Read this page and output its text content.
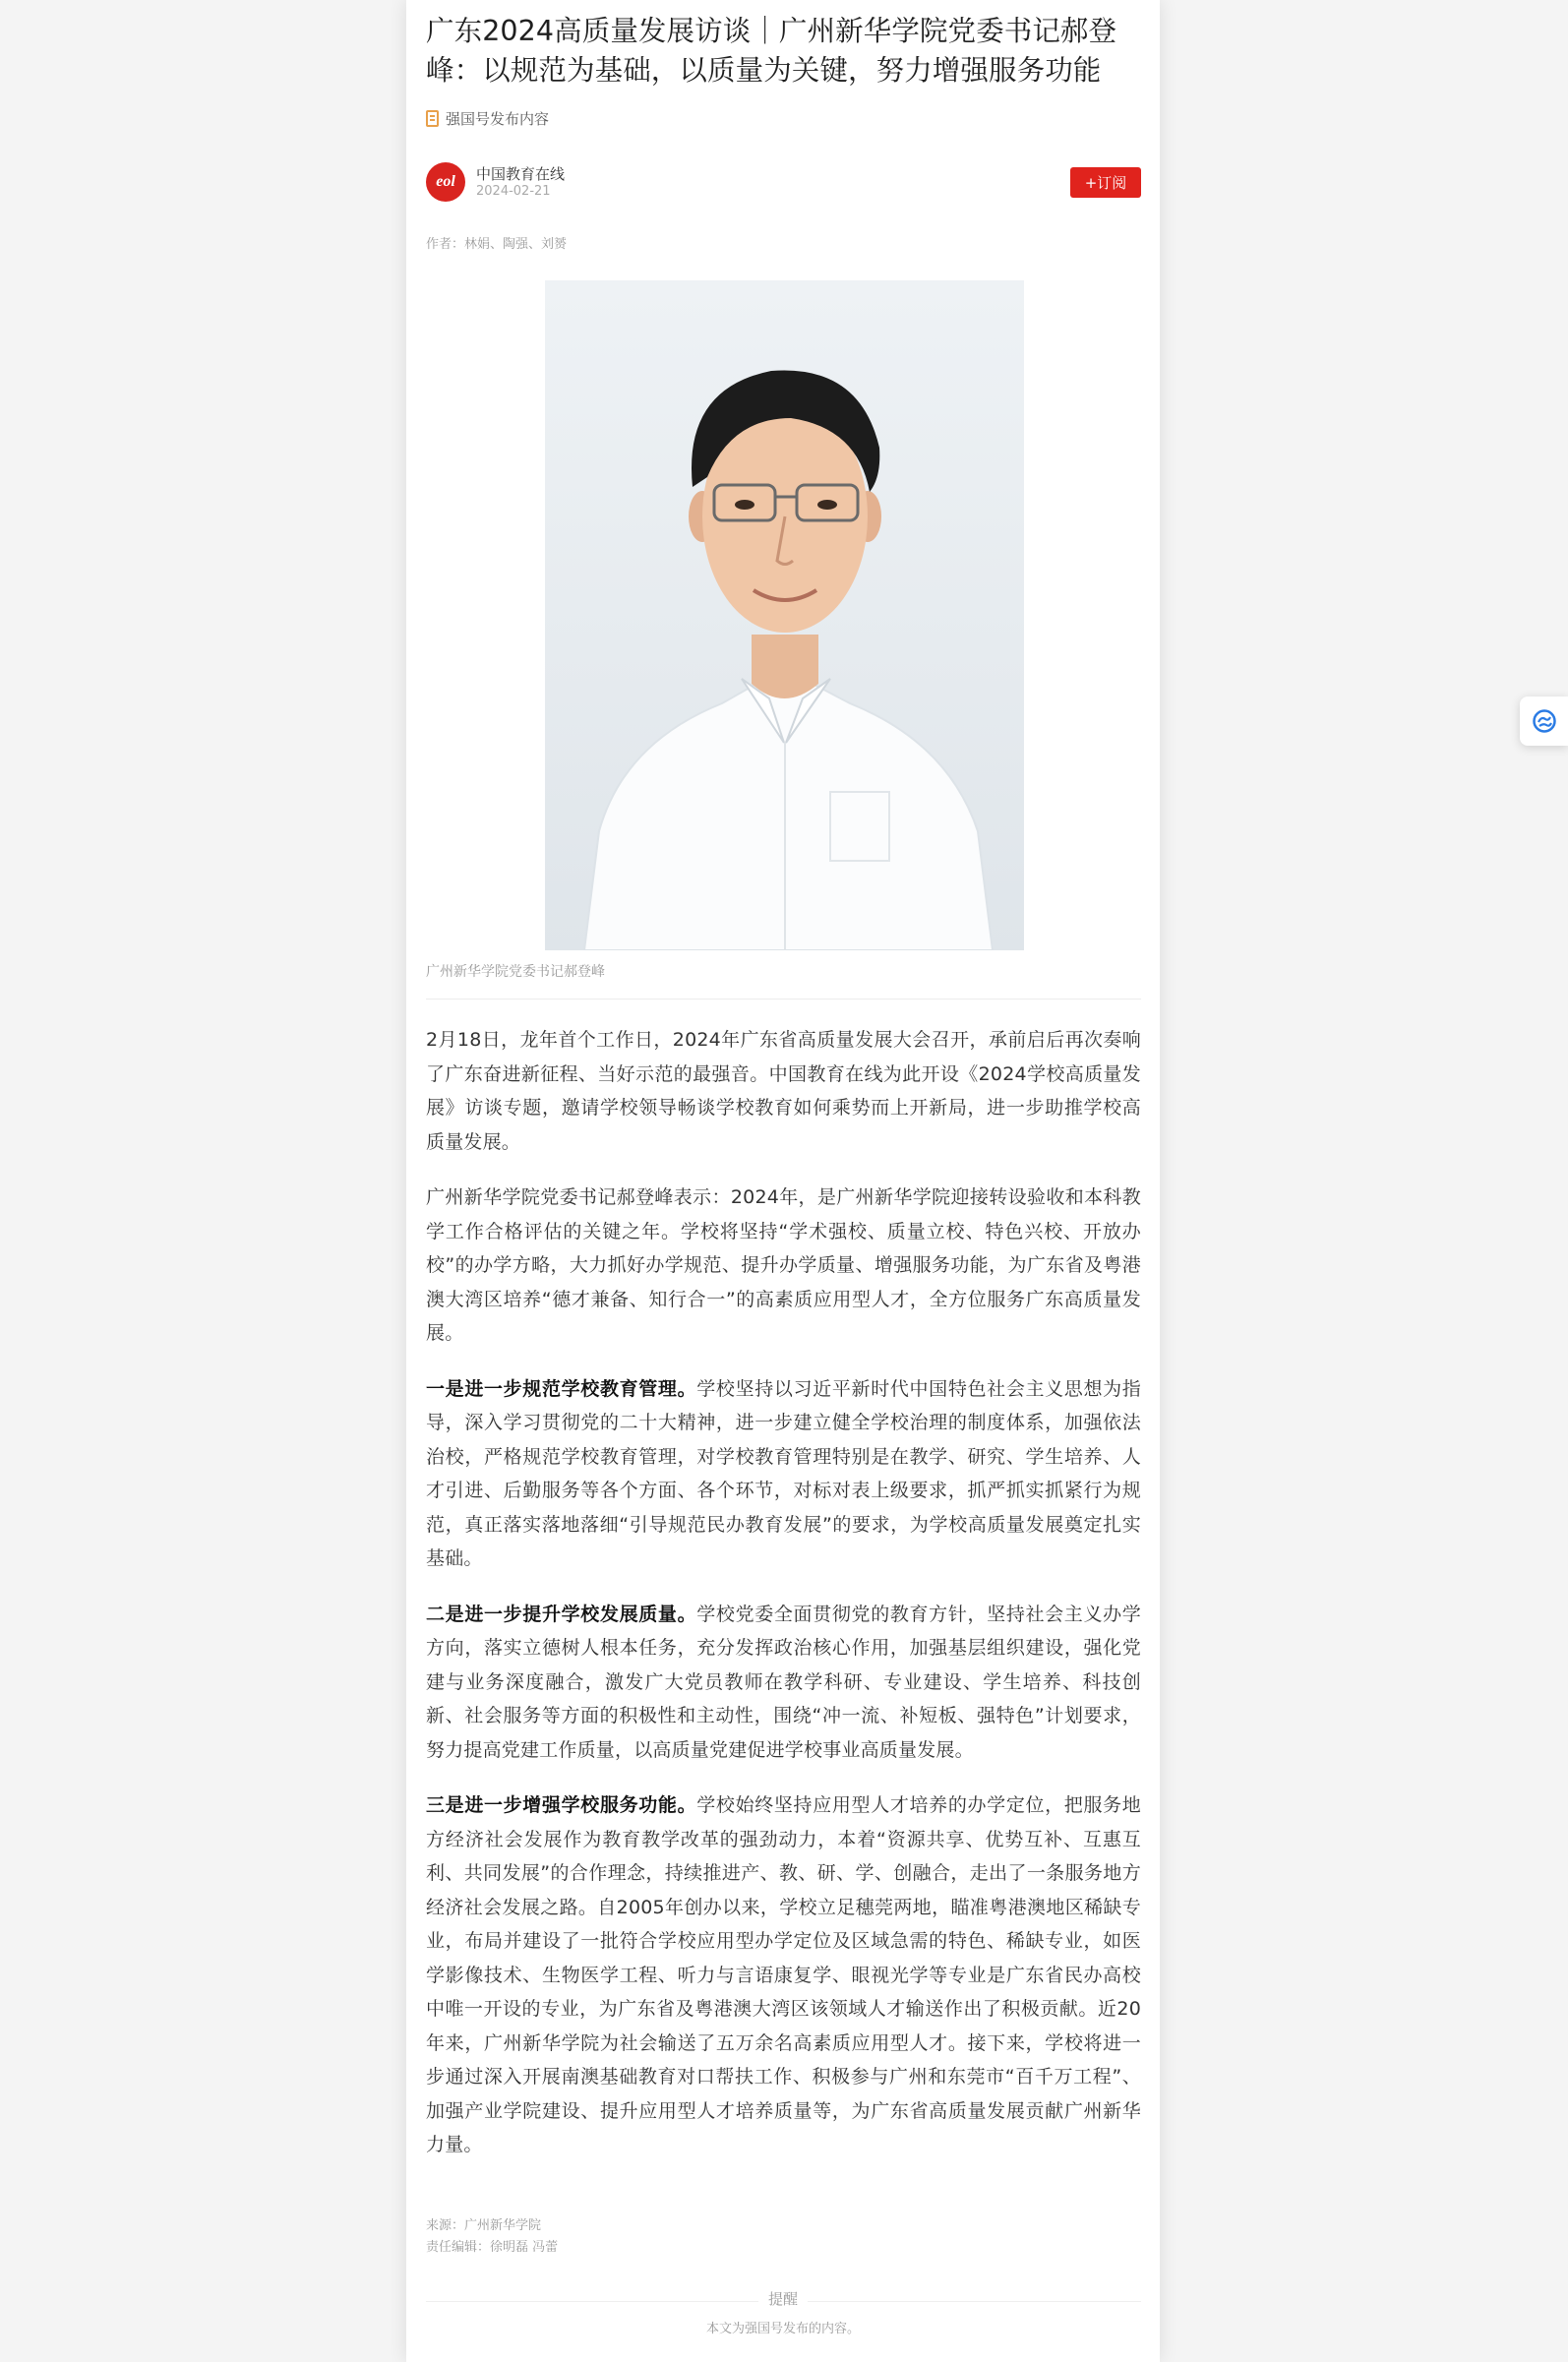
广东2024高质量发展访谈｜广州新华学院党委书记郝登峰：以规范为基础，以质量为关键，努力增强服务功能
强国号发布内容
eol	中国教育在线
2024-02-21	+订阅
作者：林娟、陶强、刘赟
广州新华学院党委书记郝登峰

2月18日，龙年首个工作日，2024年广东省高质量发展大会召开，承前启后再次奏响了广东奋进新征程、当好示范的最强音。中国教育在线为此开设《2024学校高质量发展》访谈专题，邀请学校领导畅谈学校教育如何乘势而上开新局，进一步助推学校高质量发展。

广州新华学院党委书记郝登峰表示：2024年，是广州新华学院迎接转设验收和本科教学工作合格评估的关键之年。学校将坚持“学术强校、质量立校、特色兴校、开放办校”的办学方略，大力抓好办学规范、提升办学质量、增强服务功能，为广东省及粤港澳大湾区培养“德才兼备、知行合一”的高素质应用型人才，全方位服务广东高质量发展。

一是进一步规范学校教育管理。学校坚持以习近平新时代中国特色社会主义思想为指导，深入学习贯彻党的二十大精神，进一步建立健全学校治理的制度体系，加强依法治校，严格规范学校教育管理，对学校教育管理特别是在教学、研究、学生培养、人才引进、后勤服务等各个方面、各个环节，对标对表上级要求，抓严抓实抓紧行为规范，真正落实落地落细“引导规范民办教育发展”的要求，为学校高质量发展奠定扎实基础。

二是进一步提升学校发展质量。学校党委全面贯彻党的教育方针，坚持社会主义办学方向，落实立德树人根本任务，充分发挥政治核心作用，加强基层组织建设，强化党建与业务深度融合，激发广大党员教师在教学科研、专业建设、学生培养、科技创新、社会服务等方面的积极性和主动性，围绕“冲一流、补短板、强特色”计划要求，努力提高党建工作质量，以高质量党建促进学校事业高质量发展。

三是进一步增强学校服务功能。学校始终坚持应用型人才培养的办学定位，把服务地方经济社会发展作为教育教学改革的强劲动力，本着“资源共享、优势互补、互惠互利、共同发展”的合作理念，持续推进产、教、研、学、创融合，走出了一条服务地方经济社会发展之路。自2005年创办以来，学校立足穗莞两地，瞄准粤港澳地区稀缺专业，布局并建设了一批符合学校应用型办学定位及区域急需的特色、稀缺专业，如医学影像技术、生物医学工程、听力与言语康复学、眼视光学等专业是广东省民办高校中唯一开设的专业，为广东省及粤港澳大湾区该领域人才输送作出了积极贡献。近20年来，广州新华学院为社会输送了五万余名高素质应用型人才。接下来，学校将进一步通过深入开展南澳基础教育对口帮扶工作、积极参与广州和东莞市“百千万工程”、加强产业学院建设、提升应用型人才培养质量等，为广东省高质量发展贡献广州新华力量。

来源：广州新华学院
责任编辑：徐明磊 冯蕾
提醒
本文为强国号发布的内容。
